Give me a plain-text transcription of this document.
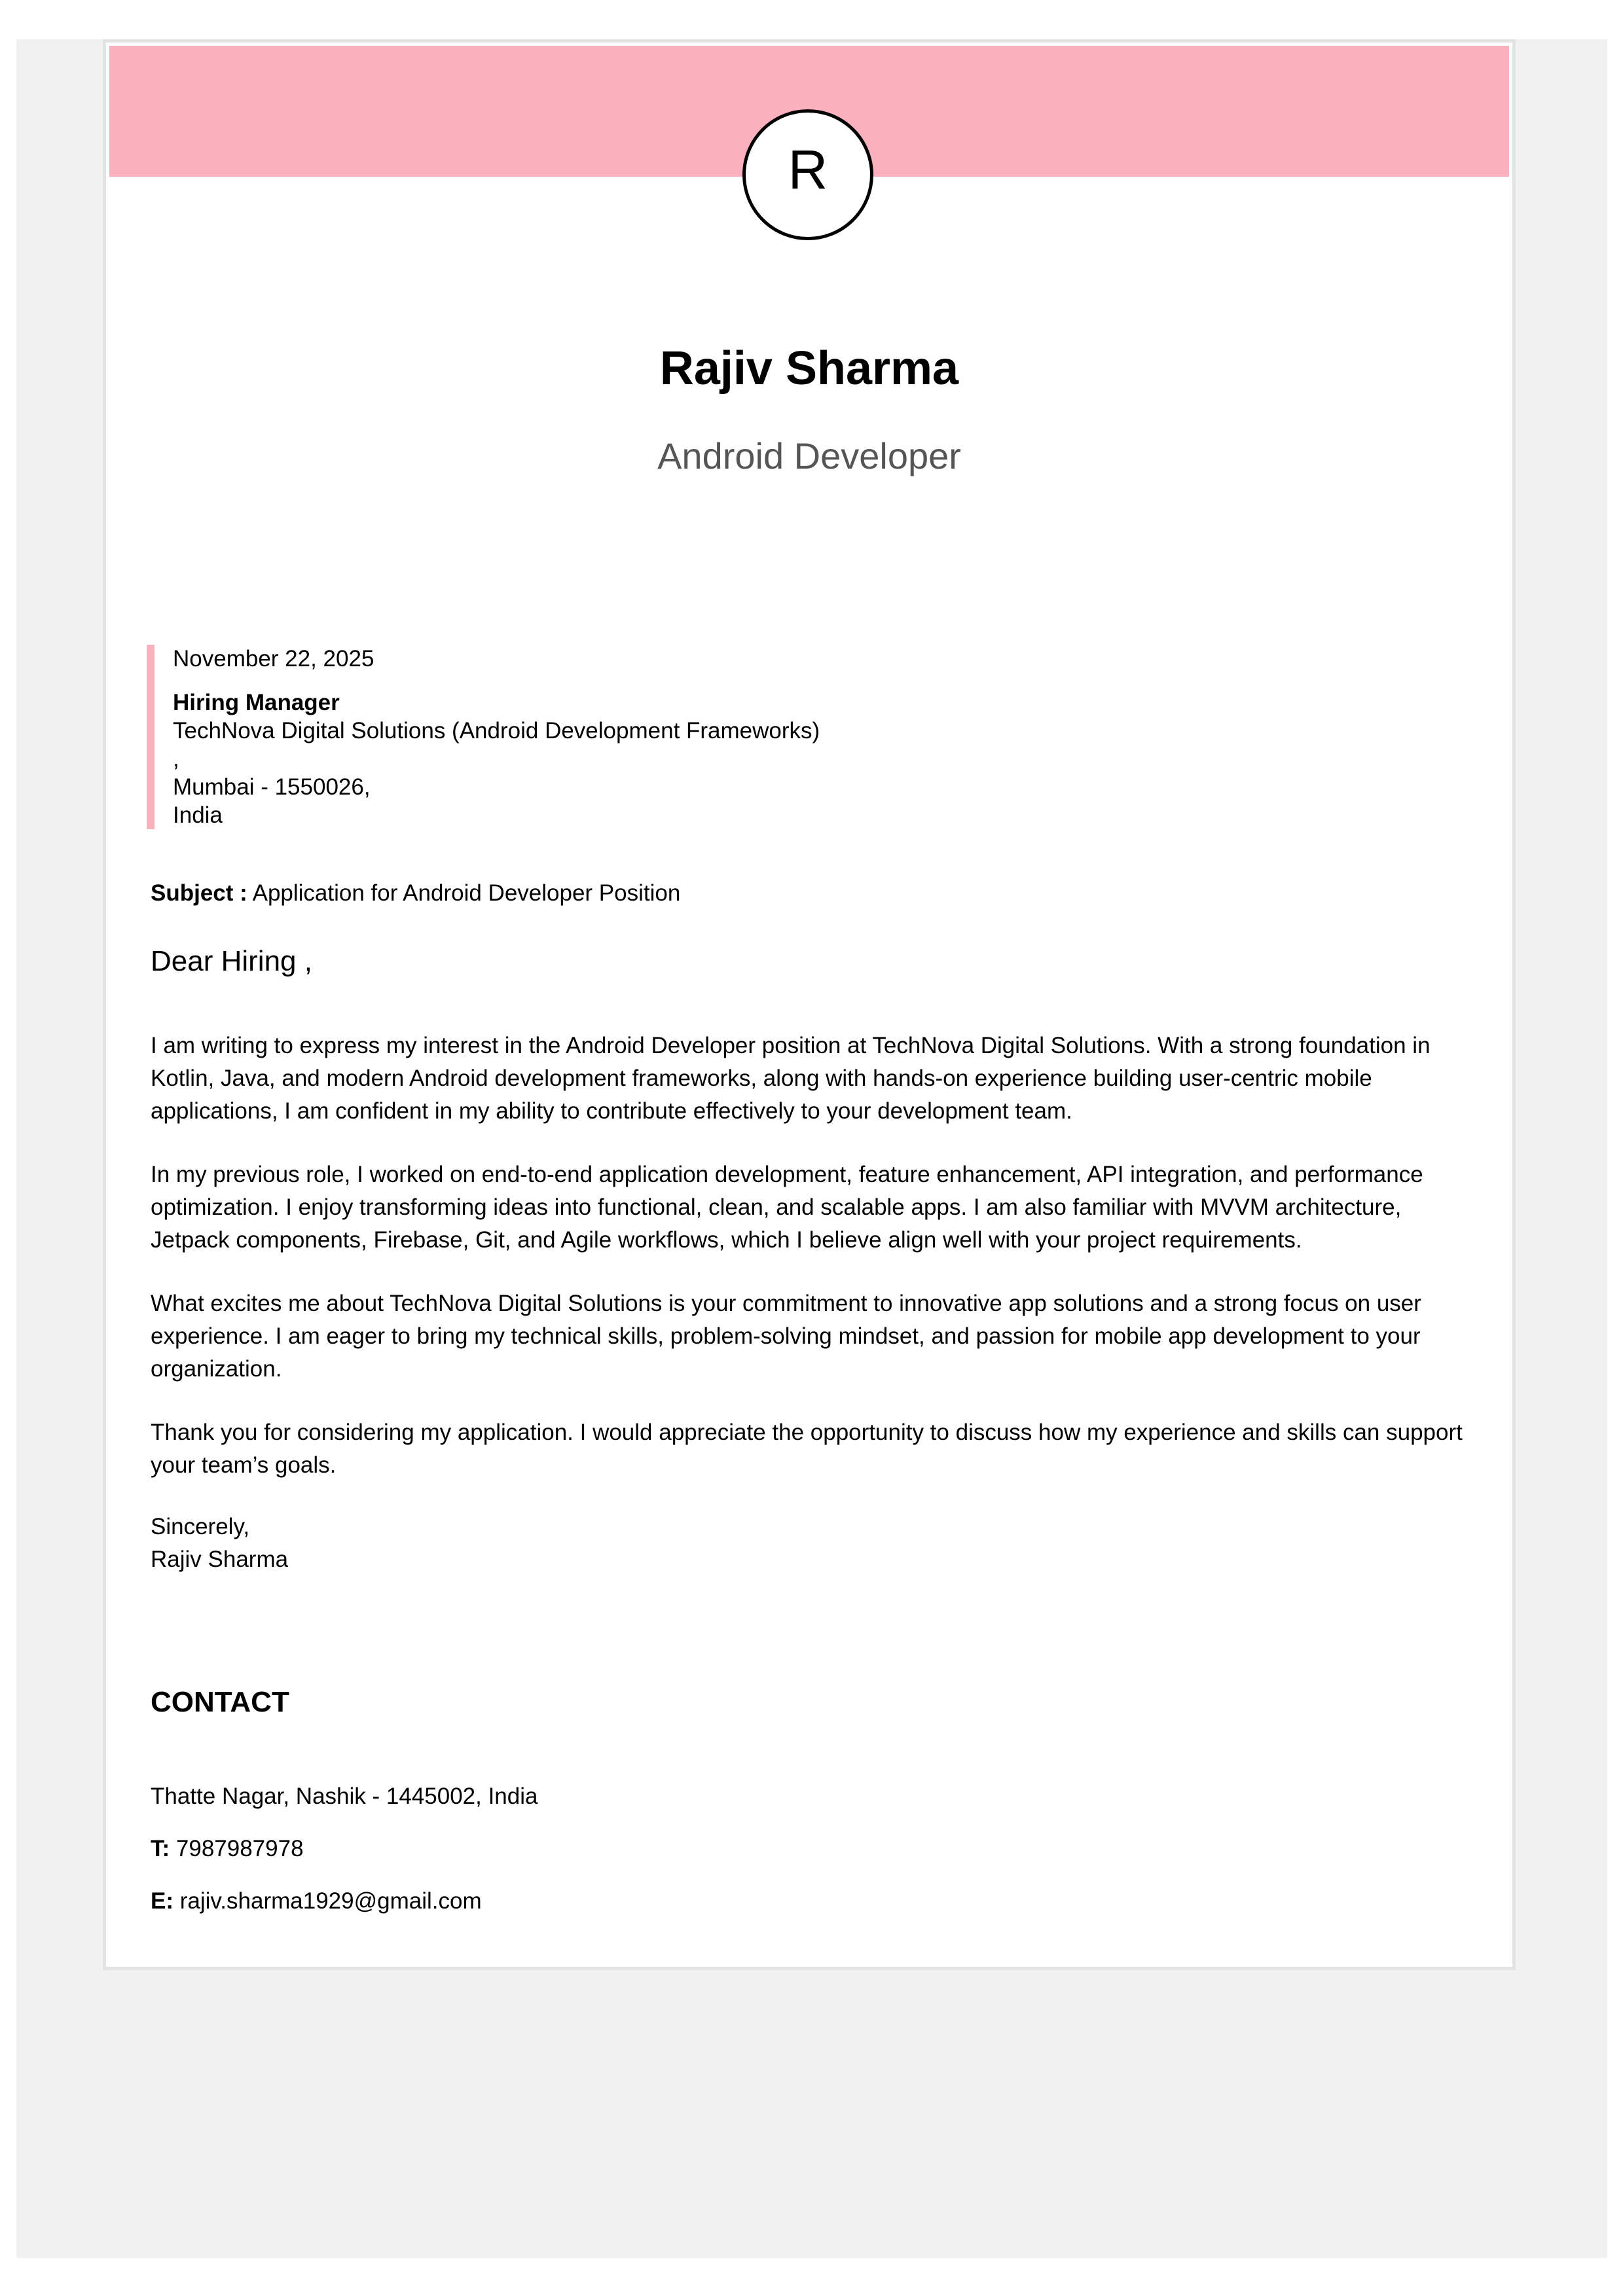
R
Rajiv Sharma
Android Developer
November 22, 2025
Hiring Manager
TechNova Digital Solutions (Android Development Frameworks)
,
Mumbai - 1550026,
India
Subject : Application for Android Developer Position
Dear Hiring ,

I am writing to express my interest in the Android Developer position at TechNova Digital Solutions. With a strong foundation in Kotlin, Java, and modern Android development frameworks, along with hands-on experience building user-centric mobile applications, I am confident in my ability to contribute effectively to your development team.

In my previous role, I worked on end-to-end application development, feature enhancement, API integration, and performance optimization. I enjoy transforming ideas into functional, clean, and scalable apps. I am also familiar with MVVM architecture, Jetpack components, Firebase, Git, and Agile workflows, which I believe align well with your project requirements.

What excites me about TechNova Digital Solutions is your commitment to innovative app solutions and a strong focus on user experience. I am eager to bring my technical skills, problem-solving mindset, and passion for mobile app development to your organization.

Thank you for considering my application. I would appreciate the opportunity to discuss how my experience and skills can support your team’s goals.

Sincerely,
Rajiv Sharma
CONTACT
Thatte Nagar, Nashik - 1445002, India
T: 7987987978
E: rajiv.sharma1929@gmail.com
